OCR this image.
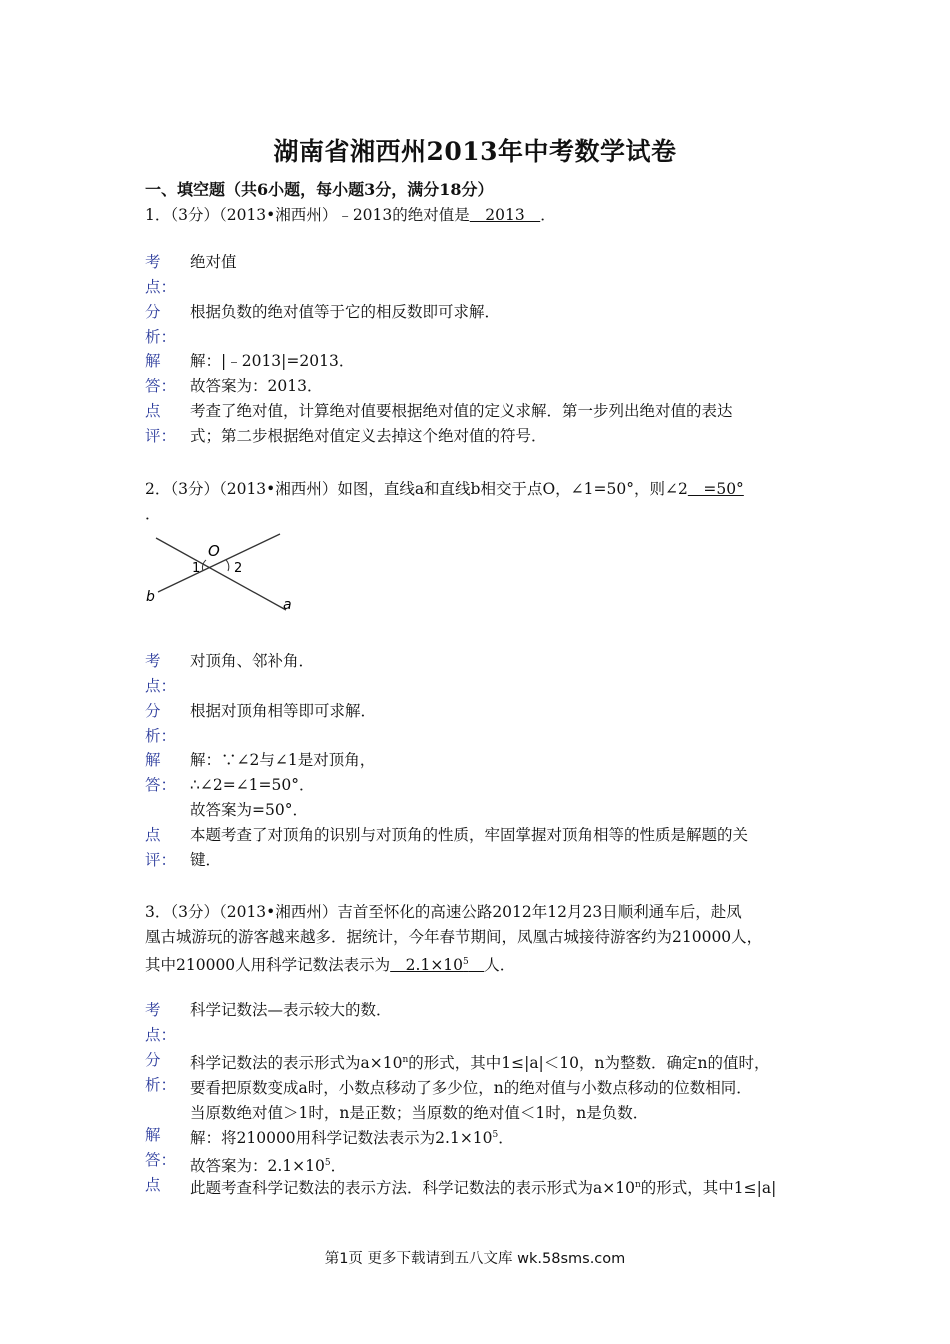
湖南省湘西州2013年中考数学试卷
一、填空题（共6小题，每小题3分，满分18分）
1．（3分）（2013•湘西州）﹣2013的绝对值是　2013　．
考
点：
绝对值
分
析：
根据负数的绝对值等于它的相反数即可求解．
解
答：
解：|﹣2013|=2013．
故答案为：2013．
点
评：
考查了绝对值，计算绝对值要根据绝对值的定义求解．第一步列出绝对值的表达
式；第二步根据绝对值定义去掉这个绝对值的符号．
2．（3分）（2013•湘西州）如图，直线a和直线b相交于点O，∠1=50°，则∠2　=50°
．
O
1	2
a
b
考
点：
对顶角、邻补角．
分
析：
根据对顶角相等即可求解．
解
答：
解：∵∠2与∠1是对顶角，
∴∠2=∠1=50°．
故答案为=50°．
点
评：
本题考查了对顶角的识别与对顶角的性质，牢固掌握对顶角相等的性质是解题的关
键．
3．（3分）（2013•湘西州）吉首至怀化的高速公路2012年12月23日顺利通车后，赴凤
凰古城游玩的游客越来越多．据统计，今年春节期间，凤凰古城接待游客约为210000人，
其中210000人用科学记数法表示为　$2.1\times 10^5$　 人．
考
点：
科学记数法—表示较大的数．
分
析：
科学记数法的表示形式为$a\times 10^n$的形式，其中1≤|a|＜10，n为整数．确定n的值时，
要看把原数变成a时，小数点移动了多少位，n的绝对值与小数点移动的位数相同．
当原数绝对值＞1时，n是正数；当原数的绝对值＜1时，n是负数．
解
答：
解：将210000用科学记数法表示为$2.1\times 10^5$．
故答案为：$2.1\times 10^5$．
点	此题考查科学记数法的表示方法．科学记数法的表示形式为$a\times 10^n$的形式，其中1≤|a|
第1页 更多下载请到五八文库 wk.58sms.com
